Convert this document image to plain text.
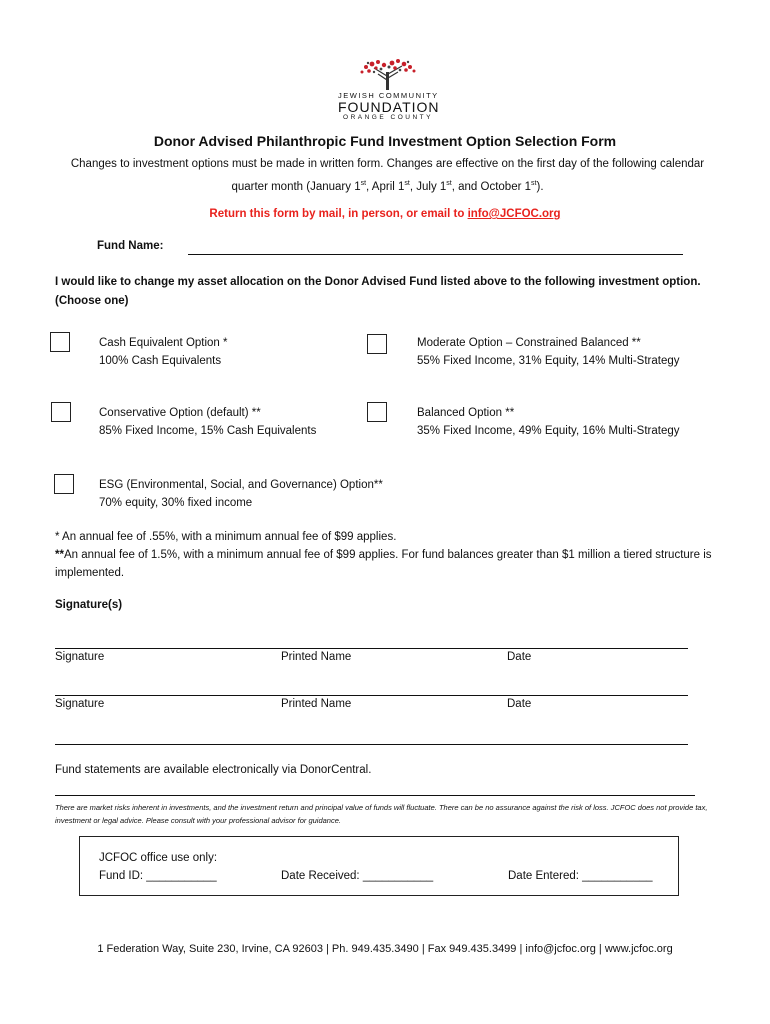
JEWISH COMMUNITY
FOUNDATION
ORANGE COUNTY
Donor Advised Philanthropic Fund Investment Option Selection Form
Changes to investment options must be made in written form. Changes are effective on the first day of the following calendar quarter month (January 1st, April 1st, July 1st, and October 1st).
Return this form by mail, in person, or email to info@JCFOC.org
Fund Name:
I would like to change my asset allocation on the Donor Advised Fund listed above to the following investment option. (Choose one)
Cash Equivalent Option *
100% Cash Equivalents
Moderate Option – Constrained Balanced **
55% Fixed Income, 31% Equity, 14% Multi-Strategy
Conservative Option (default) **
85% Fixed Income, 15% Cash Equivalents
Balanced Option **
35% Fixed Income, 49% Equity, 16% Multi-Strategy
ESG (Environmental, Social, and Governance) Option**
70% equity, 30% fixed income
* An annual fee of .55%, with a minimum annual fee of $99 applies.
**An annual fee of 1.5%, with a minimum annual fee of $99 applies. For fund balances greater than $1 million a tiered structure is implemented.
Signature(s)
Signature	Printed Name	Date
Signature	Printed Name	Date
Fund statements are available electronically via DonorCentral.
There are market risks inherent in investments, and the investment return and principal value of funds will fluctuate. There can be no assurance against the risk of loss. JCFOC does not provide tax, investment or legal advice. Please consult with your professional advisor for guidance.
JCFOC office use only:
Fund ID: ___________	Date Received: ___________	Date Entered: ___________
1 Federation Way, Suite 230, Irvine, CA 92603 | Ph. 949.435.3490 | Fax 949.435.3499 | info@jcfoc.org | www.jcfoc.org
